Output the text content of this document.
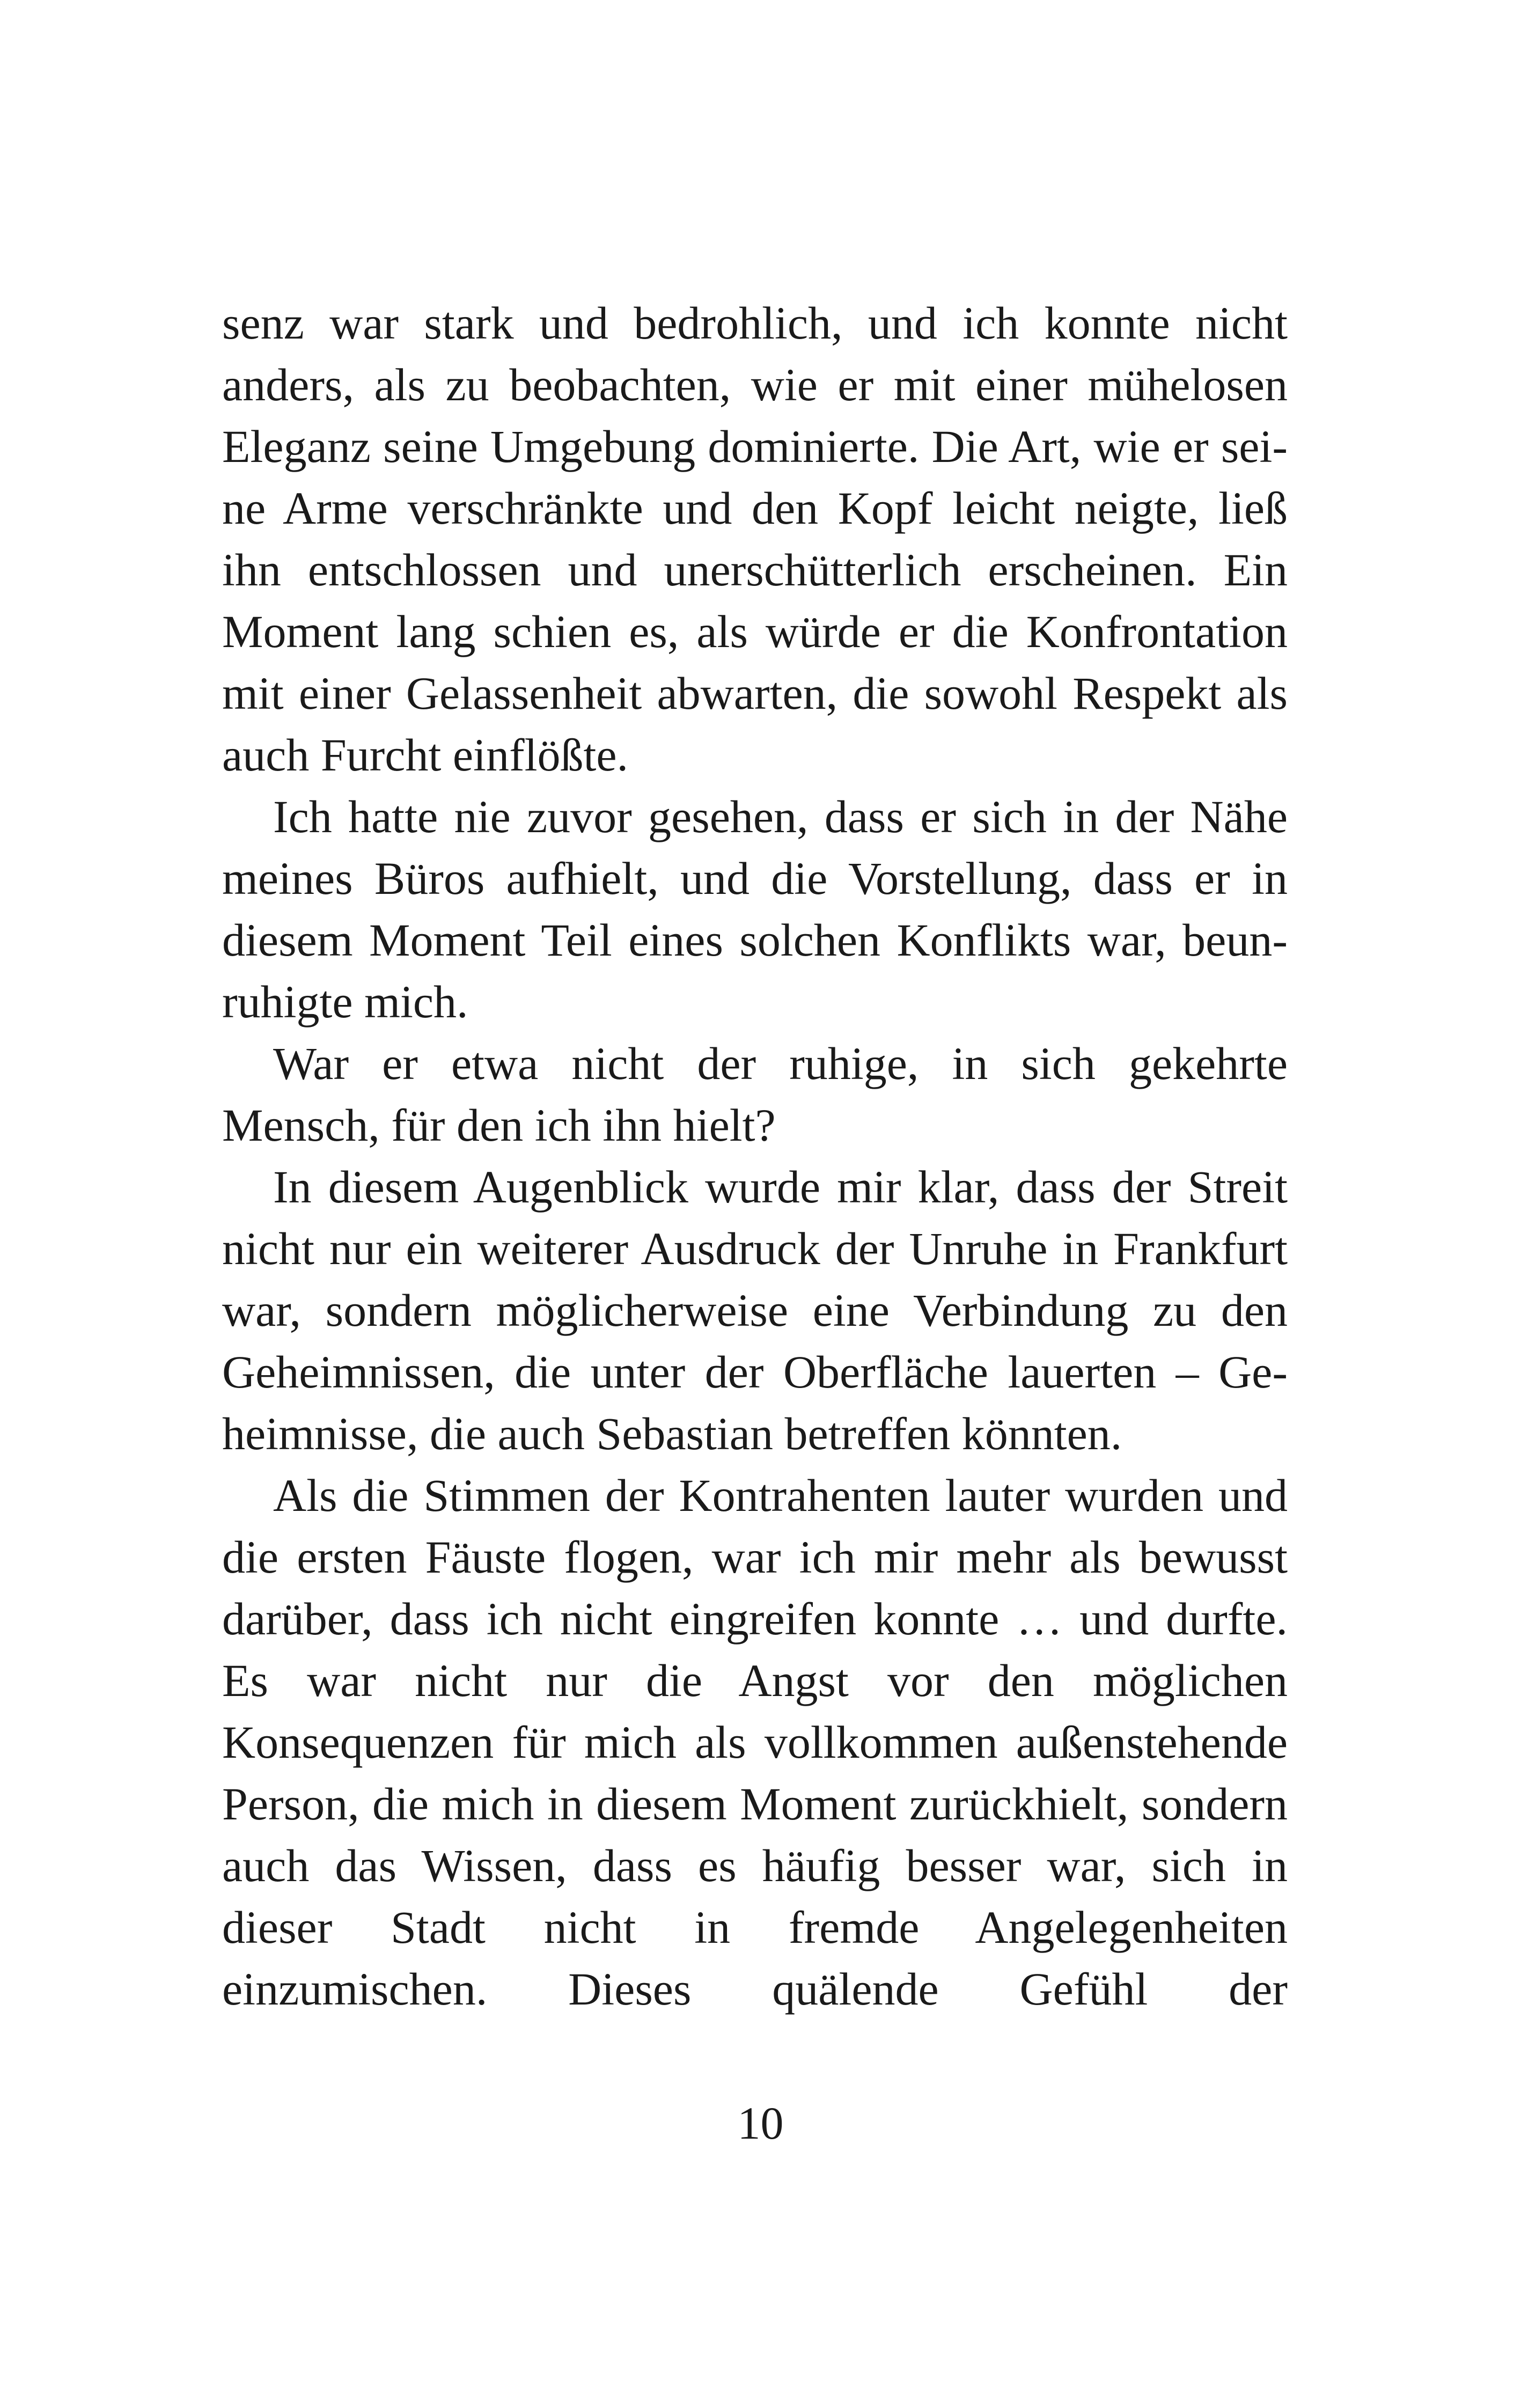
senz war stark und bedrohlich, und ich konnte nicht
anders, als zu beobachten, wie er mit einer mühelosen
Eleganz seine Umgebung dominierte. Die Art, wie er sei-
ne Arme verschränkte und den Kopf leicht neigte, ließ
ihn entschlossen und unerschütterlich erscheinen. Ein
Moment lang schien es, als würde er die Konfrontation
mit einer Gelassenheit abwarten, die sowohl Respekt als
auch Furcht einflößte.
Ich hatte nie zuvor gesehen, dass er sich in der Nähe
meines Büros aufhielt, und die Vorstellung, dass er in
diesem Moment Teil eines solchen Konflikts war, beun-
ruhigte mich.
War er etwa nicht der ruhige, in sich gekehrte
Mensch, für den ich ihn hielt?
In diesem Augenblick wurde mir klar, dass der Streit
nicht nur ein weiterer Ausdruck der Unruhe in Frankfurt
war, sondern möglicherweise eine Verbindung zu den
Geheimnissen, die unter der Oberfläche lauerten – Ge-
heimnisse, die auch Sebastian betreffen könnten.
Als die Stimmen der Kontrahenten lauter wurden und
die ersten Fäuste flogen, war ich mir mehr als bewusst
darüber, dass ich nicht eingreifen konnte … und durfte.
Es war nicht nur die Angst vor den möglichen
Konsequenzen für mich als vollkommen außenstehende
Person, die mich in diesem Moment zurückhielt, sondern
auch das Wissen, dass es häufig besser war, sich in
dieser Stadt nicht in fremde Angelegenheiten
einzumischen. Dieses quälende Gefühl der
10
